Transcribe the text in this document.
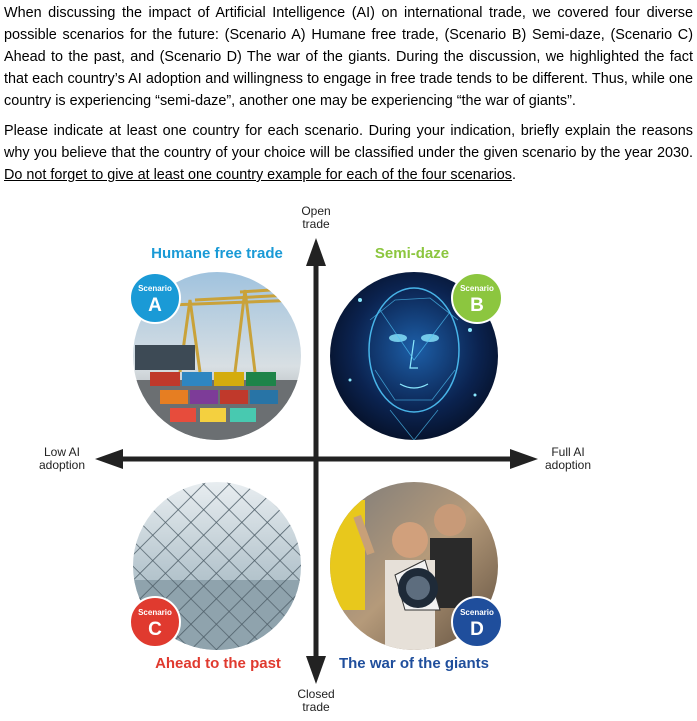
When discussing the impact of Artificial Intelligence (AI) on international trade, we covered four diverse possible scenarios for the future: (Scenario A) Humane free trade, (Scenario B) Semi-daze, (Scenario C) Ahead to the past, and (Scenario D) The war of the giants. During the discussion, we highlighted the fact that each country’s AI adoption and willingness to engage in free trade tends to be different. Thus, while one country is experiencing “semi-daze”, another one may be experiencing “the war of giants”.

Please indicate at least one country for each scenario. During your indication, briefly explain the reasons why you believe that the country of your choice will be classified under the given scenario by the year 2030. Do not forget to give at least one country example for each of the four scenarios.

Open
trade
Closed
trade
Low AI
adoption
Full AI
adoption
Humane free trade	Semi-daze
Ahead to the past	The war of the giants
Scenario
A
Scenario
B
Scenario
C
Scenario
D
